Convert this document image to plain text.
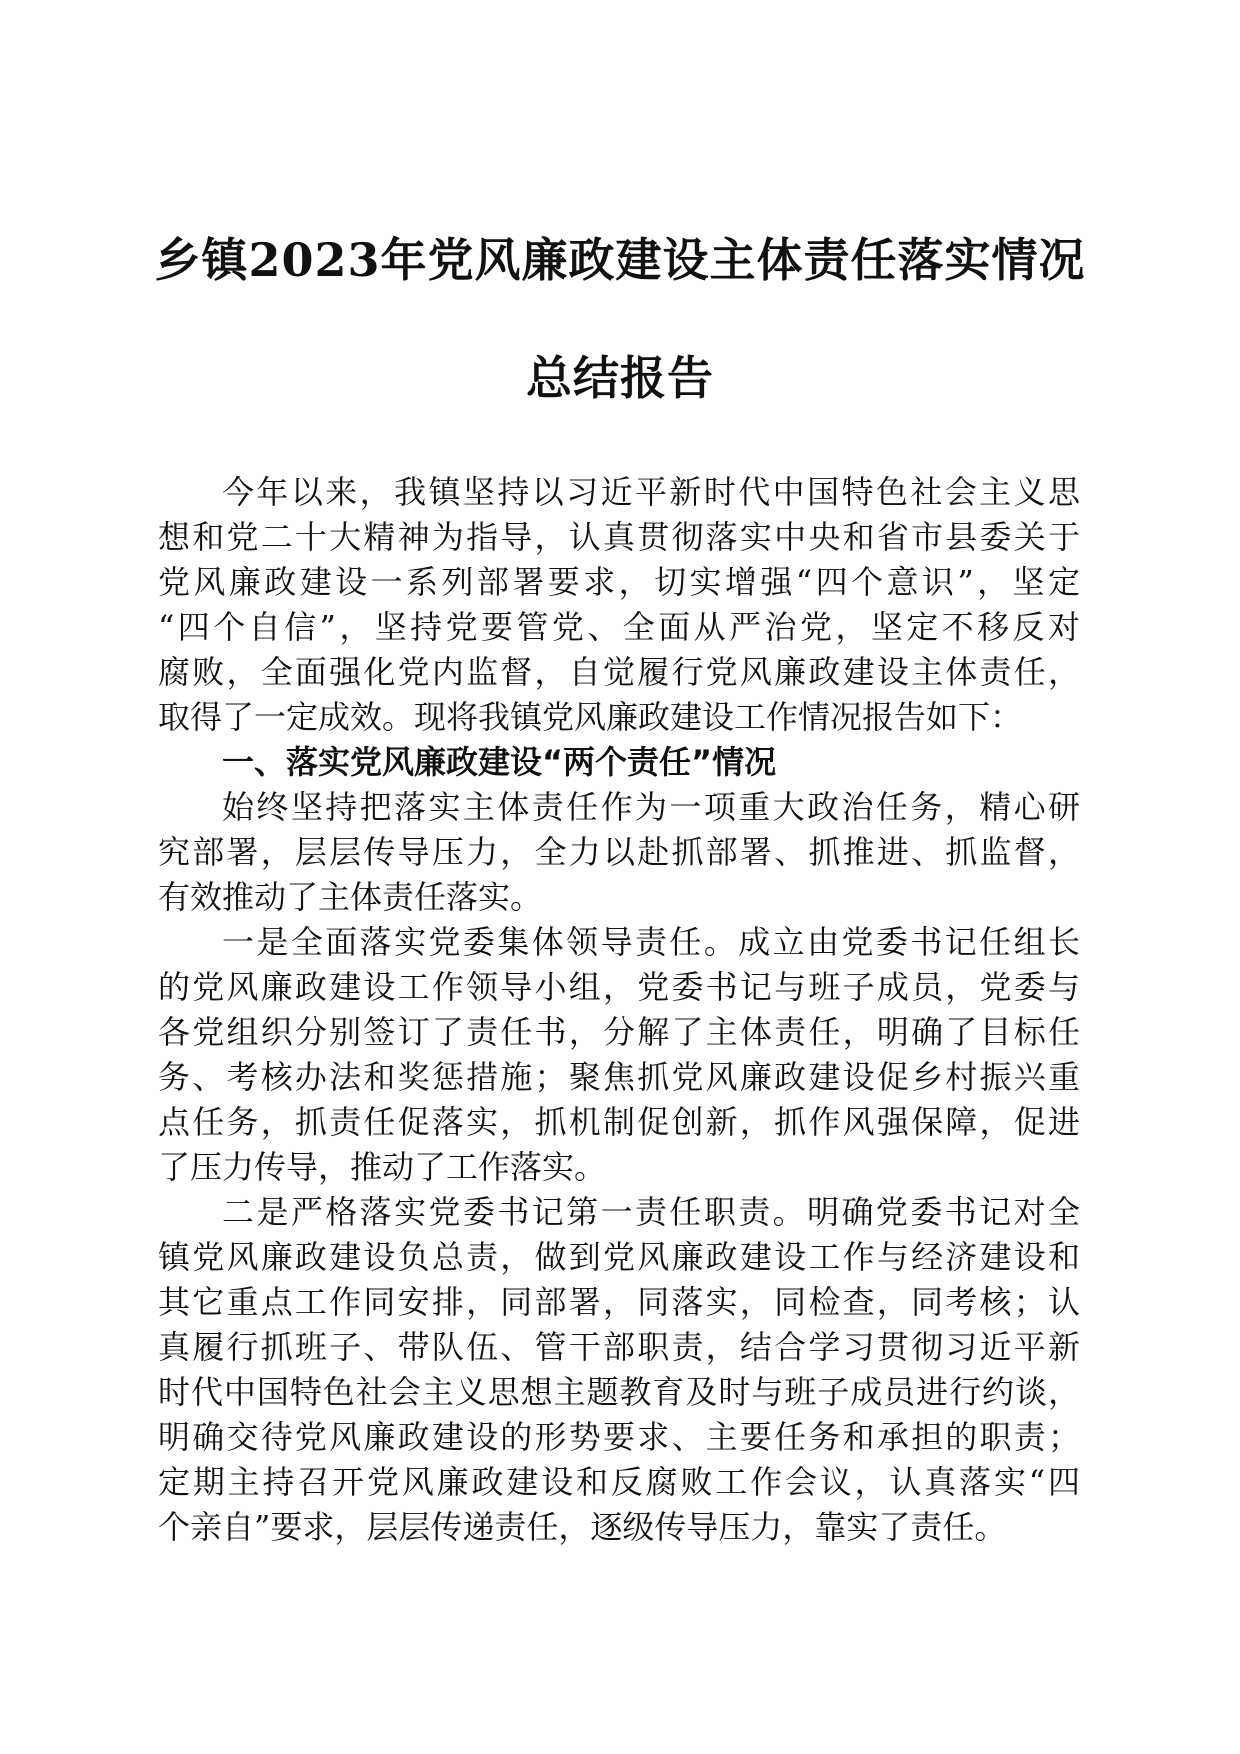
乡镇2023年党风廉政建设主体责任落实情况
总结报告
今年以来，我镇坚持以习近平新时代中国特色社会主义思
想和党二十大精神为指导，认真贯彻落实中央和省市县委关于
党风廉政建设一系列部署要求，切实增强“四个意识”，坚定
“四个自信”，坚持党要管党、全面从严治党，坚定不移反对
腐败，全面强化党内监督，自觉履行党风廉政建设主体责任，
取得了一定成效。现将我镇党风廉政建设工作情况报告如下：
一、落实党风廉政建设“两个责任”情况
始终坚持把落实主体责任作为一项重大政治任务，精心研
究部署，层层传导压力，全力以赴抓部署、抓推进、抓监督，
有效推动了主体责任落实。
一是全面落实党委集体领导责任。成立由党委书记任组长
的党风廉政建设工作领导小组，党委书记与班子成员，党委与
各党组织分别签订了责任书，分解了主体责任，明确了目标任
务、考核办法和奖惩措施；聚焦抓党风廉政建设促乡村振兴重
点任务，抓责任促落实，抓机制促创新，抓作风强保障，促进
了压力传导，推动了工作落实。
二是严格落实党委书记第一责任职责。明确党委书记对全
镇党风廉政建设负总责，做到党风廉政建设工作与经济建设和
其它重点工作同安排，同部署，同落实，同检查，同考核；认
真履行抓班子、带队伍、管干部职责，结合学习贯彻习近平新
时代中国特色社会主义思想主题教育及时与班子成员进行约谈，
明确交待党风廉政建设的形势要求、主要任务和承担的职责；
定期主持召开党风廉政建设和反腐败工作会议，认真落实“四
个亲自”要求，层层传递责任，逐级传导压力，靠实了责任。
